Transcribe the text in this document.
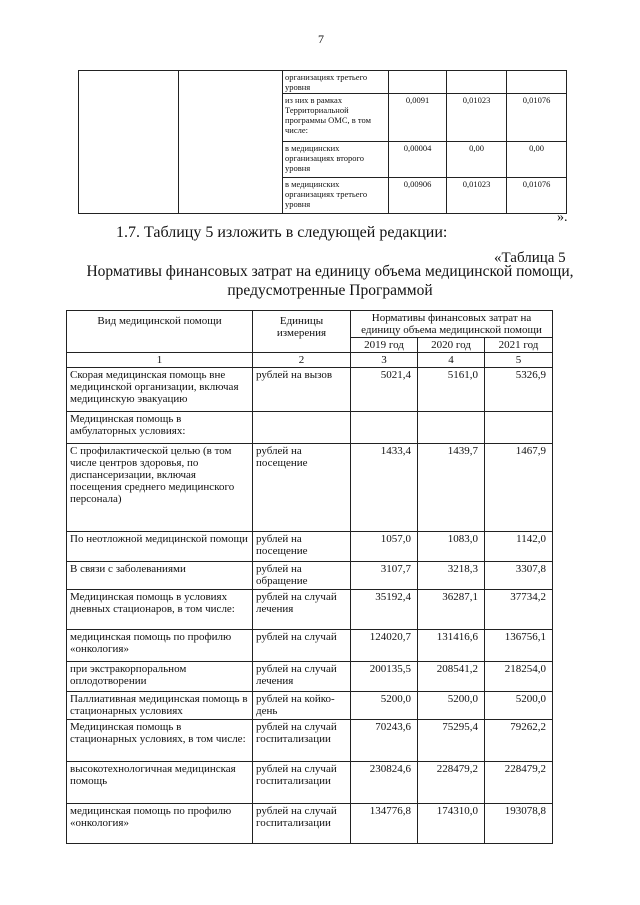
7
		организациях третьего уровня			
		из них в рамках Территориальной программы ОМС, в том числе:	0,0091	0,01023	0,01076
		в медицинских организациях второго уровня	0,00004	0,00	0,00
		в медицинских организациях третьего уровня	0,00906	0,01023	0,01076
».
1.7. Таблицу 5 изложить в следующей редакции:
«Таблица 5
Нормативы финансовых затрат на единицу объема медицинской помощи, предусмотренные Программой
Вид медицинской помощи	Единицы измерения	Нормативы финансовых затрат на единицу объема медицинской помощи		
		2019 год	2020 год	2021 год
1	2	3	4	5
Скорая медицинская помощь вне медицинской организации, включая медицинскую эвакуацию	рублей на вызов	5021,4	5161,0	5326,9
Медицинская помощь в амбулаторных условиях:				
С профилактической целью (в том числе центров здоровья, по диспансеризации, включая посещения среднего медицинского персонала)	рублей на посещение	1433,4	1439,7	1467,9
По неотложной медицинской помощи	рублей на посещение	1057,0	1083,0	1142,0
В связи с заболеваниями	рублей на обращение	3107,7	3218,3	3307,8
Медицинская помощь в условиях дневных стационаров, в том числе:	рублей на случай лечения	35192,4	36287,1	37734,2
медицинская помощь по профилю «онкология»	рублей на случай	124020,7	131416,6	136756,1
при экстракорпоральном оплодотворении	рублей на случай лечения	200135,5	208541,2	218254,0
Паллиативная медицинская помощь в стационарных условиях	рублей на койко-день	5200,0	5200,0	5200,0
Медицинская помощь в стационарных условиях, в том числе:	рублей на случай госпитализации	70243,6	75295,4	79262,2
высокотехнологичная медицинская помощь	рублей на случай госпитализации	230824,6	228479,2	228479,2
медицинская помощь по профилю «онкология»	рублей на случай госпитализации	134776,8	174310,0	193078,8
